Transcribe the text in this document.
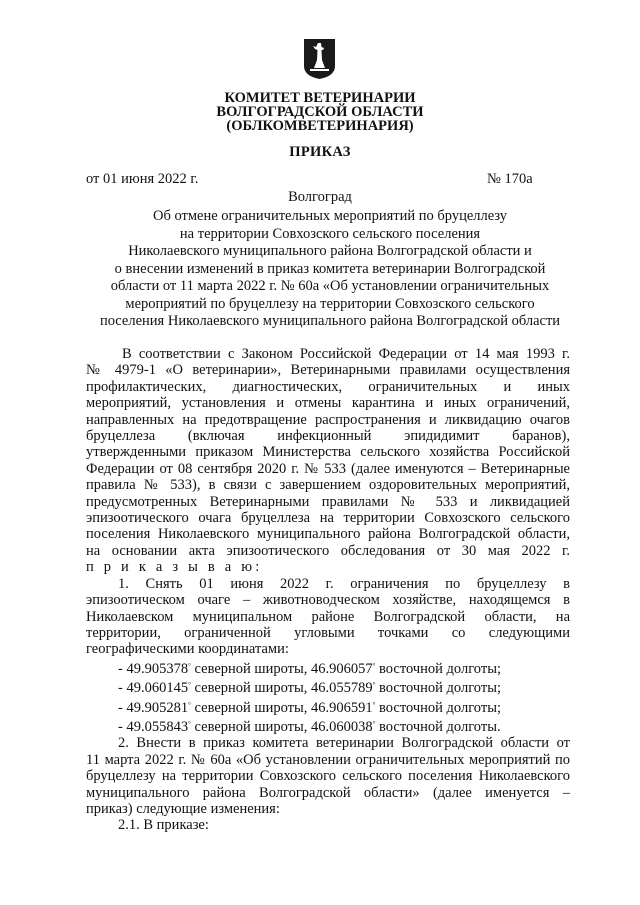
КОМИТЕТ ВЕТЕРИНАРИИ
ВОЛГОГРАДСКОЙ ОБЛАСТИ
(ОБЛКОМВЕТЕРИНАРИЯ)
ПРИКАЗ
от 01 июня 2022 г.	№ 170а
Волгоград
Об отмене ограничительных мероприятий по бруцеллезу
на территории Совхозского сельского поселения
Николаевского муниципального района Волгоградской области и
о внесении изменений в приказ комитета ветеринарии Волгоградской
области от 11 марта 2022 г. № 60а «Об установлении ограничительных
мероприятий по бруцеллезу на территории Совхозского сельского
поселения Николаевского муниципального района Волгоградской области

В соответствии с Законом Российской Федерации от 14 мая 1993 г.

№ 4979-1 «О ветеринарии», Ветеринарными правилами осуществления

профилактических, диагностических, ограничительных и иных

мероприятий, установления и отмены карантина и иных ограничений,

направленных на предотвращение распространения и ликвидацию очагов

бруцеллеза (включая инфекционный эпидидимит баранов),

утвержденными приказом Министерства сельского хозяйства Российской

Федерации от 08 сентября 2020 г. № 533 (далее именуются – Ветеринарные

правила № 533), в связи с завершением оздоровительных мероприятий,

предусмотренных Ветеринарными правилами № 533 и ликвидацией

эпизоотического очага бруцеллеза на территории Совхозского сельского

поселения Николаевского муниципального района Волгоградской области,

на основании акта эпизоотического обследования от 30 мая 2022 г.

п р и к а з ы в а ю:

1. Снять 01 июня 2022 г. ограничения по бруцеллезу в

эпизоотическом очаге – животноводческом хозяйстве, находящемся в

Николаевском муниципальном районе Волгоградской области, на

территории, ограниченной угловыми точками со следующими

географическими координатами:

- 49.905378° северной широты, 46.906057° восточной долготы;

- 49.060145° северной широты, 46.055789° восточной долготы;

- 49.905281° северной широты, 46.906591° восточной долготы;

- 49.055843° северной широты, 46.060038° восточной долготы.

2. Внести в приказ комитета ветеринарии Волгоградской области от

11 марта 2022 г. № 60а «Об установлении ограничительных мероприятий по

бруцеллезу на территории Совхозского сельского поселения Николаевского

муниципального района Волгоградской области» (далее именуется –

приказ) следующие изменения:

2.1. В приказе:
